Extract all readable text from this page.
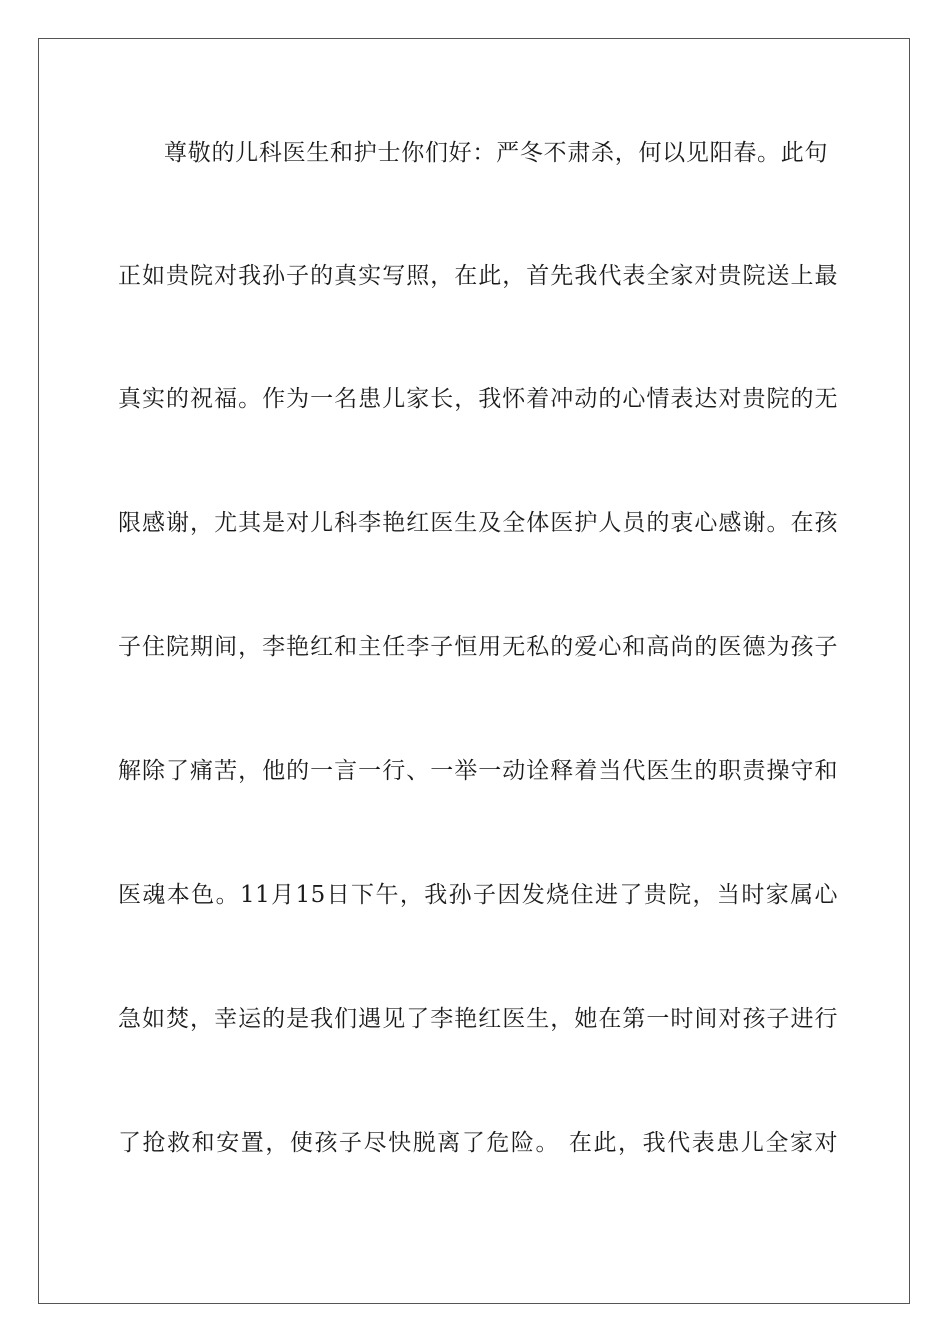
尊敬的儿科医生和护士你们好：严冬不肃杀，何以见阳春。此句
正如贵院对我孙子的真实写照，在此，首先我代表全家对贵院送上最
真实的祝福。作为一名患儿家长，我怀着冲动的心情表达对贵院的无
限感谢，尤其是对儿科李艳红医生及全体医护人员的衷心感谢。在孩
子住院期间，李艳红和主任李子恒用无私的爱心和高尚的医德为孩子
解除了痛苦，他的一言一行、一举一动诠释着当代医生的职责操守和
医魂本色。11月15日下午，我孙子因发烧住进了贵院，当时家属心
急如焚，幸运的是我们遇见了李艳红医生，她在第一时间对孩子进行
了抢救和安置，使孩子尽快脱离了危险。 在此，我代表患儿全家对
